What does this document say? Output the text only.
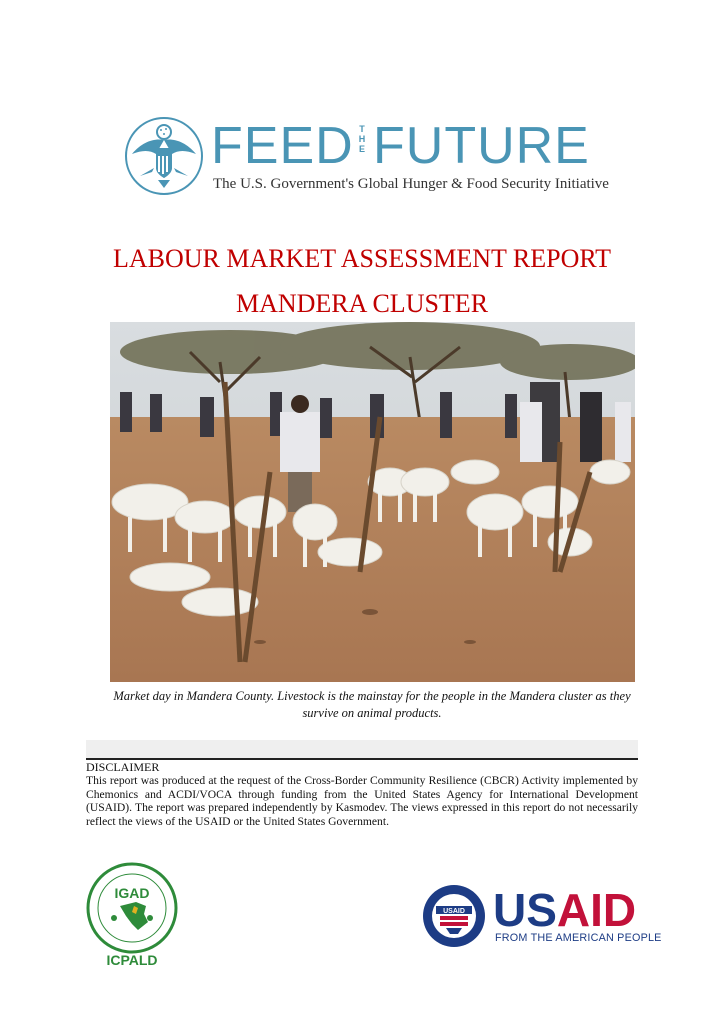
FEED THE FUTURE
The U.S. Government's Global Hunger & Food Security Initiative
LABOUR MARKET ASSESSMENT REPORT
MANDERA CLUSTER
Market day in Mandera County. Livestock is the mainstay for the people in the Mandera cluster as they survive on animal products.
DISCLAIMER
This report was produced at the request of the Cross-Border Community Resilience (CBCR) Activity implemented by Chemonics and ACDI/VOCA through funding from the United States Agency for International Development (USAID). The report was prepared independently by Kasmodev. The views expressed in this report do not necessarily reflect the views of the USAID or the United States Government.
IGAD
ICPALD
USAID USAID
FROM THE AMERICAN PEOPLE
